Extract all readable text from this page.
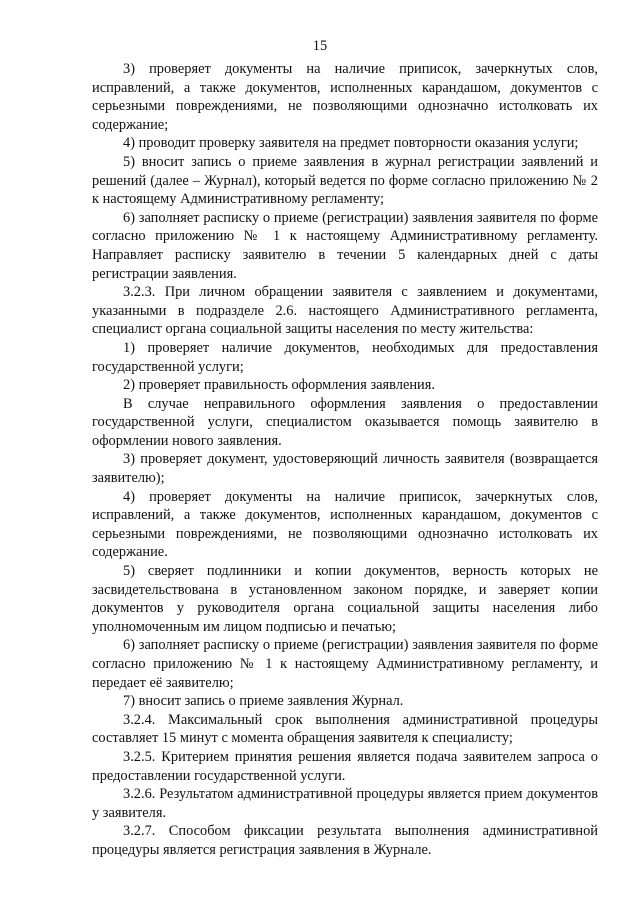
15

3) проверяет документы на наличие приписок, зачеркнутых слов, исправлений, а также документов, исполненных карандашом, документов с серьезными повреждениями, не позволяющими однозначно истолковать их содержание;

4) проводит проверку заявителя на предмет повторности оказания услуги;

5) вносит запись о приеме заявления в журнал регистрации заявлений и решений (далее – Журнал), который ведется по форме согласно приложению № 2 к настоящему Административному регламенту;

6) заполняет расписку о приеме (регистрации) заявления заявителя по форме согласно приложению № 1 к настоящему Административному регламенту. Направляет расписку заявителю в течении 5 календарных дней с даты регистрации заявления.

3.2.3. При личном обращении заявителя с заявлением и документами, указанными в подразделе 2.6. настоящего Административного регламента, специалист органа социальной защиты населения по месту жительства:

1) проверяет наличие документов, необходимых для предоставления государственной услуги;

2) проверяет правильность оформления заявления.

В случае неправильного оформления заявления о предоставлении государственной услуги, специалистом оказывается помощь заявителю в оформлении нового заявления.

3) проверяет документ, удостоверяющий личность заявителя (возвращается заявителю);

4) проверяет документы на наличие приписок, зачеркнутых слов, исправлений, а также документов, исполненных карандашом, документов с серьезными повреждениями, не позволяющими однозначно истолковать их содержание.

5) сверяет подлинники и копии документов, верность которых не засвидетельствована в установленном законом порядке, и заверяет копии документов у руководителя органа социальной защиты населения либо уполномоченным им лицом подписью и печатью;

6) заполняет расписку о приеме (регистрации) заявления заявителя по форме согласно приложению № 1 к настоящему Административному регламенту, и передает её заявителю;

7) вносит запись о приеме заявления Журнал.

3.2.4. Максимальный срок выполнения административной процедуры составляет 15 минут с момента обращения заявителя к специалисту;

3.2.5. Критерием принятия решения является подача заявителем запроса о предоставлении государственной услуги.

3.2.6. Результатом административной процедуры является прием документов у заявителя.

3.2.7. Способом фиксации результата выполнения административной процедуры является регистрация заявления в Журнале.
